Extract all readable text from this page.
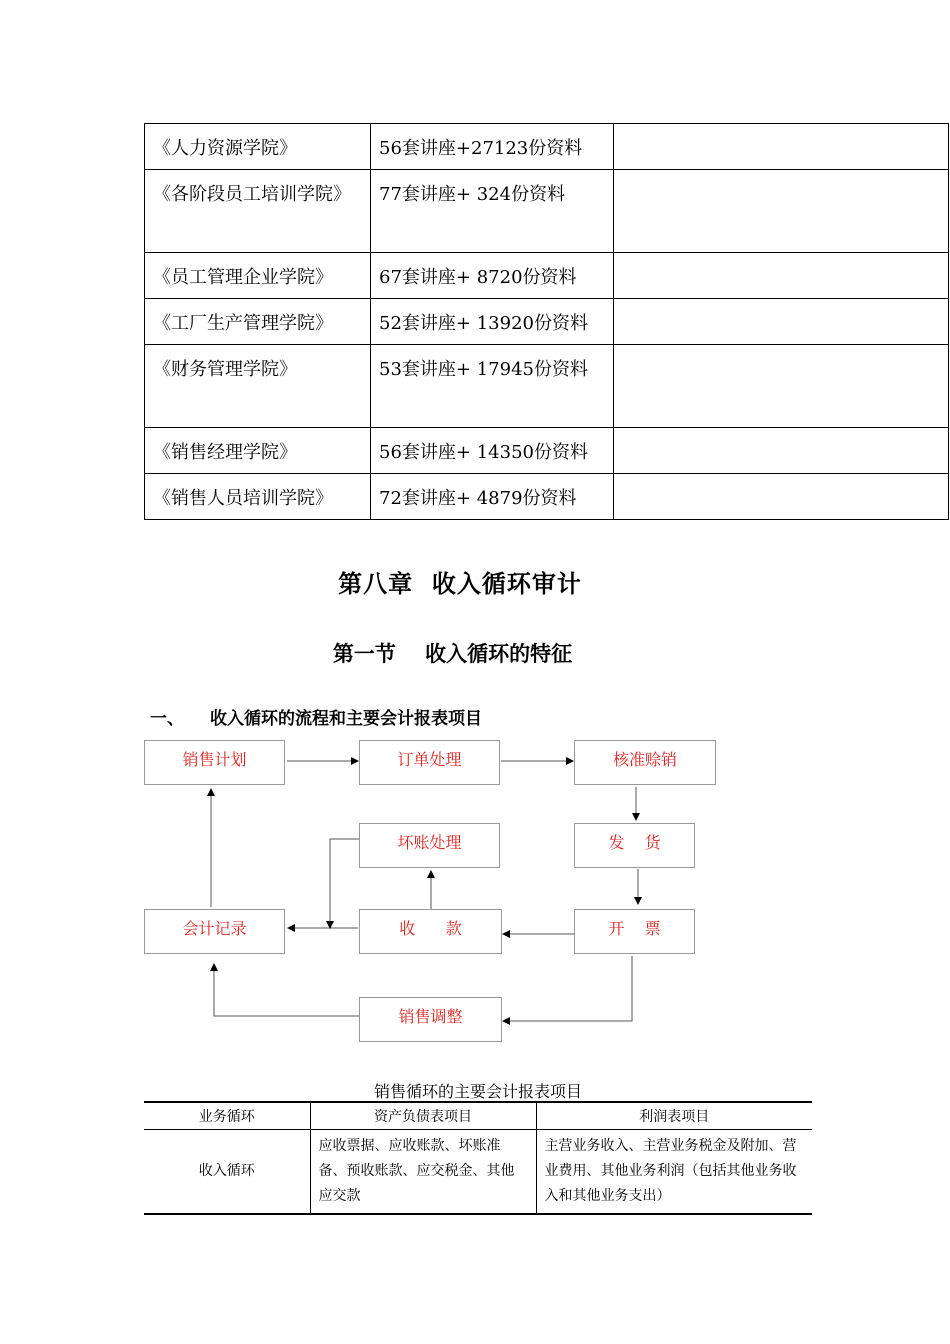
《人力资源学院》	56套讲座+27123份资料	
《各阶段员工培训学院》	77套讲座+ 324份资料	
《员工管理企业学院》	67套讲座+ 8720份资料	
《工厂生产管理学院》	52套讲座+ 13920份资料	
《财务管理学院》	53套讲座+ 17945份资料	
《销售经理学院》	56套讲座+ 14350份资料	
《销售人员培训学院》	72套讲座+ 4879份资料	
第八章  收入循环审计
第一节    收入循环的特征
一、 收入循环的流程和主要会计报表项目
销售计划	订单处理	核准赊销
坏账处理	发    货
会计记录	收      款	开    票
销售调整
销售循环的主要会计报表项目
业务循环	资产负债表项目	利润表项目
收入循环	应收票据、应收账款、坏账准备、预收账款、应交税金、其他应交款	主营业务收入、主营业务税金及附加、营业费用、其他业务利润（包括其他业务收入和其他业务支出）
